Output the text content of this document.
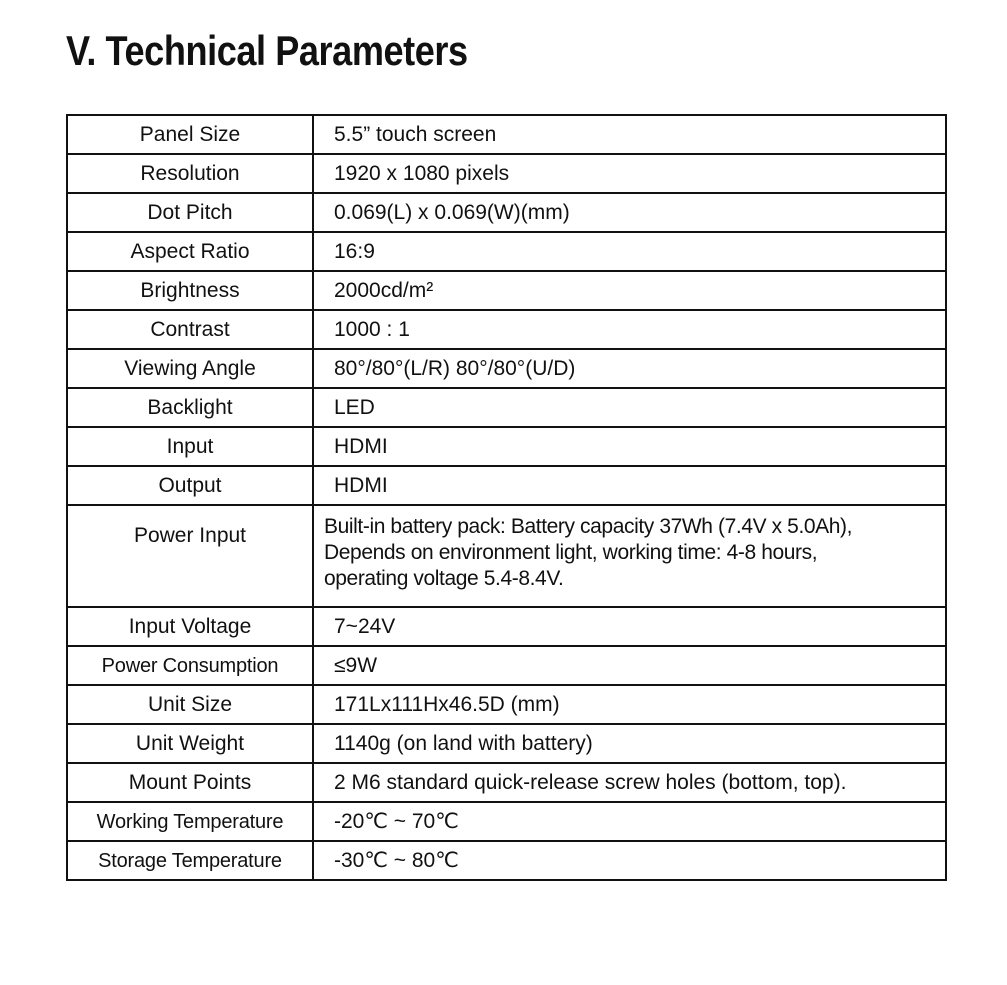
V. Technical Parameters
Panel Size	5.5” touch screen
Resolution	1920 x 1080 pixels
Dot Pitch	0.069(L) x 0.069(W)(mm)
Aspect Ratio	16:9
Brightness	2000cd/m²
Contrast	1000 : 1
Viewing Angle	80°/80°(L/R) 80°/80°(U/D)
Backlight	LED
Input	HDMI
Output	HDMI
Power Input	Built-in battery pack: Battery capacity 37Wh (7.4V x 5.0Ah),
Depends on environment light, working time: 4-8 hours,
operating voltage 5.4-8.4V.

Input Voltage	7~24V
Power Consumption	≤9W
Unit Size	171Lx111Hx46.5D (mm)
Unit Weight	1140g (on land with battery)
Mount Points	2 M6 standard quick-release screw holes (bottom, top).
Working Temperature	-20℃ ~ 70℃
Storage Temperature	-30℃ ~ 80℃
